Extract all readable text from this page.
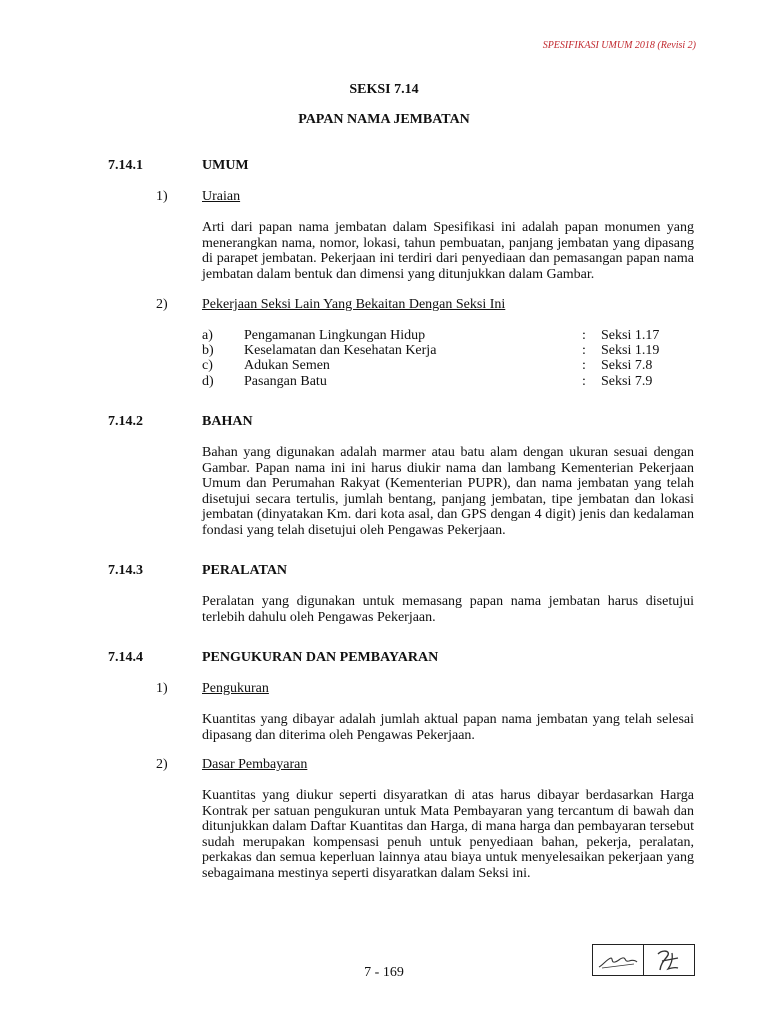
SPESIFIKASI UMUM 2018 (Revisi 2)
SEKSI 7.14
PAPAN NAMA JEMBATAN
7.14.1	UMUM
1) Uraian
Arti dari papan nama jembatan dalam Spesifikasi ini adalah papan monumen yang menerangkan nama, nomor, lokasi, tahun pembuatan, panjang jembatan yang dipasang di parapet jembatan. Pekerjaan ini terdiri dari penyediaan dan pemasangan papan nama jembatan dalam bentuk dan dimensi yang ditunjukkan dalam Gambar.
2) Pekerjaan Seksi Lain Yang Bekaitan Dengan Seksi Ini
a) Pengamanan Lingkungan Hidup	: Seksi 1.17
b) Keselamatan dan Kesehatan Kerja	: Seksi 1.19
c) Adukan Semen	: Seksi 7.8
d) Pasangan Batu	: Seksi 7.9
7.14.2	BAHAN
Bahan yang digunakan adalah marmer atau batu alam dengan ukuran sesuai dengan Gambar. Papan nama ini ini harus diukir nama dan lambang Kementerian Pekerjaan Umum dan Perumahan Rakyat (Kementerian PUPR), dan nama jembatan yang telah disetujui secara tertulis, jumlah bentang, panjang jembatan, tipe jembatan dan lokasi jembatan (dinyatakan Km. dari kota asal, dan GPS dengan 4 digit) jenis dan kedalaman fondasi yang telah disetujui oleh Pengawas Pekerjaan.
7.14.3	PERALATAN
Peralatan yang digunakan untuk memasang papan nama jembatan harus disetujui terlebih dahulu oleh Pengawas Pekerjaan.
7.14.4	PENGUKURAN DAN PEMBAYARAN
1) Pengukuran
Kuantitas yang dibayar adalah jumlah aktual papan nama jembatan yang telah selesai dipasang dan diterima oleh Pengawas Pekerjaan.
2) Dasar Pembayaran
Kuantitas yang diukur seperti disyaratkan di atas harus dibayar berdasarkan Harga Kontrak per satuan pengukuran untuk Mata Pembayaran yang tercantum di bawah dan ditunjukkan dalam Daftar Kuantitas dan Harga, di mana harga dan pembayaran tersebut sudah merupakan kompensasi penuh untuk penyediaan bahan, pekerja, peralatan, perkakas dan semua keperluan lainnya atau biaya untuk menyelesaikan pekerjaan yang sebagaimana mestinya seperti disyaratkan dalam Seksi ini.
7 - 169
